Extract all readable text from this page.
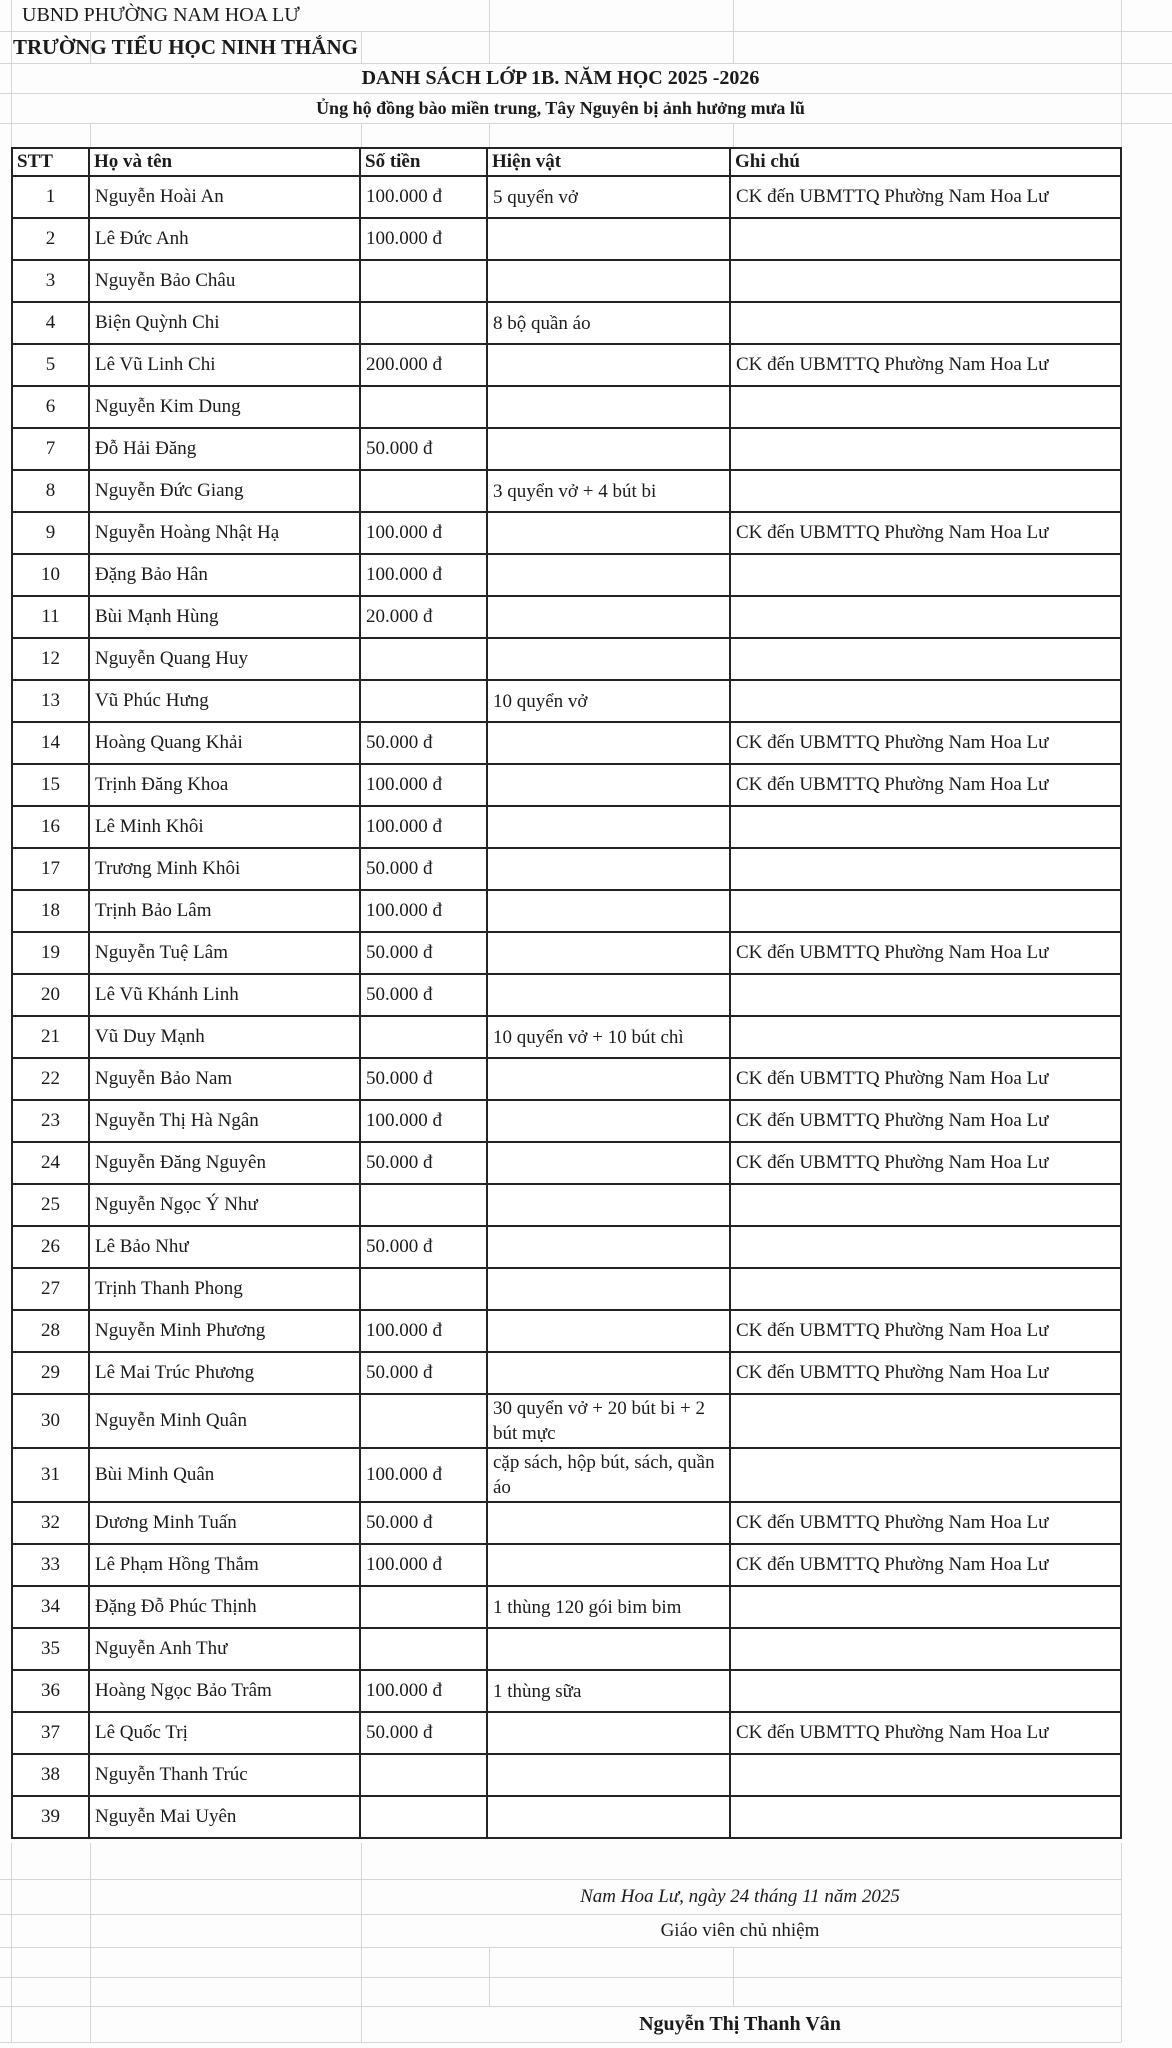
UBND PHƯỜNG NAM HOA LƯ
TRƯỜNG TIỂU HỌC NINH THẮNG
DANH SÁCH LỚP 1B. NĂM HỌC 2025 -2026
Ủng hộ đồng bào miền trung, Tây Nguyên bị ảnh hưởng mưa lũ
STT	Họ và tên	Số tiền	Hiện vật	Ghi chú
1	Nguyễn Hoài An	100.000 đ	5 quyển vở	CK đến UBMTTQ Phường Nam Hoa Lư
2	Lê Đức Anh	100.000 đ		
3	Nguyễn Bảo Châu			
4	Biện Quỳnh Chi		8 bộ quần áo	
5	Lê Vũ Linh Chi	200.000 đ		CK đến UBMTTQ Phường Nam Hoa Lư
6	Nguyễn Kim Dung			
7	Đỗ Hải Đăng	50.000 đ		
8	Nguyễn Đức Giang		3 quyển vở + 4 bút bi	
9	Nguyễn Hoàng Nhật Hạ	100.000 đ		CK đến UBMTTQ Phường Nam Hoa Lư
10	Đặng Bảo Hân	100.000 đ		
11	Bùi Mạnh Hùng	20.000 đ		
12	Nguyễn Quang Huy			
13	Vũ Phúc Hưng		10 quyển vở	
14	Hoàng Quang Khải	50.000 đ		CK đến UBMTTQ Phường Nam Hoa Lư
15	Trịnh Đăng Khoa	100.000 đ		CK đến UBMTTQ Phường Nam Hoa Lư
16	Lê Minh Khôi	100.000 đ		
17	Trương Minh Khôi	50.000 đ		
18	Trịnh Bảo Lâm	100.000 đ		
19	Nguyễn Tuệ Lâm	50.000 đ		CK đến UBMTTQ Phường Nam Hoa Lư
20	Lê Vũ Khánh Linh	50.000 đ		
21	Vũ Duy Mạnh		10 quyển vở + 10 bút chì	
22	Nguyễn Bảo Nam	50.000 đ		CK đến UBMTTQ Phường Nam Hoa Lư
23	Nguyễn Thị Hà Ngân	100.000 đ		CK đến UBMTTQ Phường Nam Hoa Lư
24	Nguyễn Đăng Nguyên	50.000 đ		CK đến UBMTTQ Phường Nam Hoa Lư
25	Nguyễn Ngọc Ý Như			
26	Lê Bảo Như	50.000 đ		
27	Trịnh Thanh Phong			
28	Nguyễn Minh Phương	100.000 đ		CK đến UBMTTQ Phường Nam Hoa Lư
29	Lê Mai Trúc Phương	50.000 đ		CK đến UBMTTQ Phường Nam Hoa Lư
30	Nguyễn Minh Quân		30 quyển vở + 20 bút bi + 2 bút mực	
31	Bùi Minh Quân	100.000 đ	cặp sách, hộp bút, sách, quần áo	
32	Dương Minh Tuấn	50.000 đ		CK đến UBMTTQ Phường Nam Hoa Lư
33	Lê Phạm Hồng Thắm	100.000 đ		CK đến UBMTTQ Phường Nam Hoa Lư
34	Đặng Đỗ Phúc Thịnh		1 thùng 120 gói bim bim	
35	Nguyễn Anh Thư			
36	Hoàng Ngọc Bảo Trâm	100.000 đ	1 thùng sữa	
37	Lê Quốc Trị	50.000 đ		CK đến UBMTTQ Phường Nam Hoa Lư
38	Nguyễn Thanh Trúc			
39	Nguyễn Mai Uyên			
Nam Hoa Lư, ngày 24 tháng 11 năm 2025
Giáo viên chủ nhiệm
Nguyễn Thị Thanh Vân
